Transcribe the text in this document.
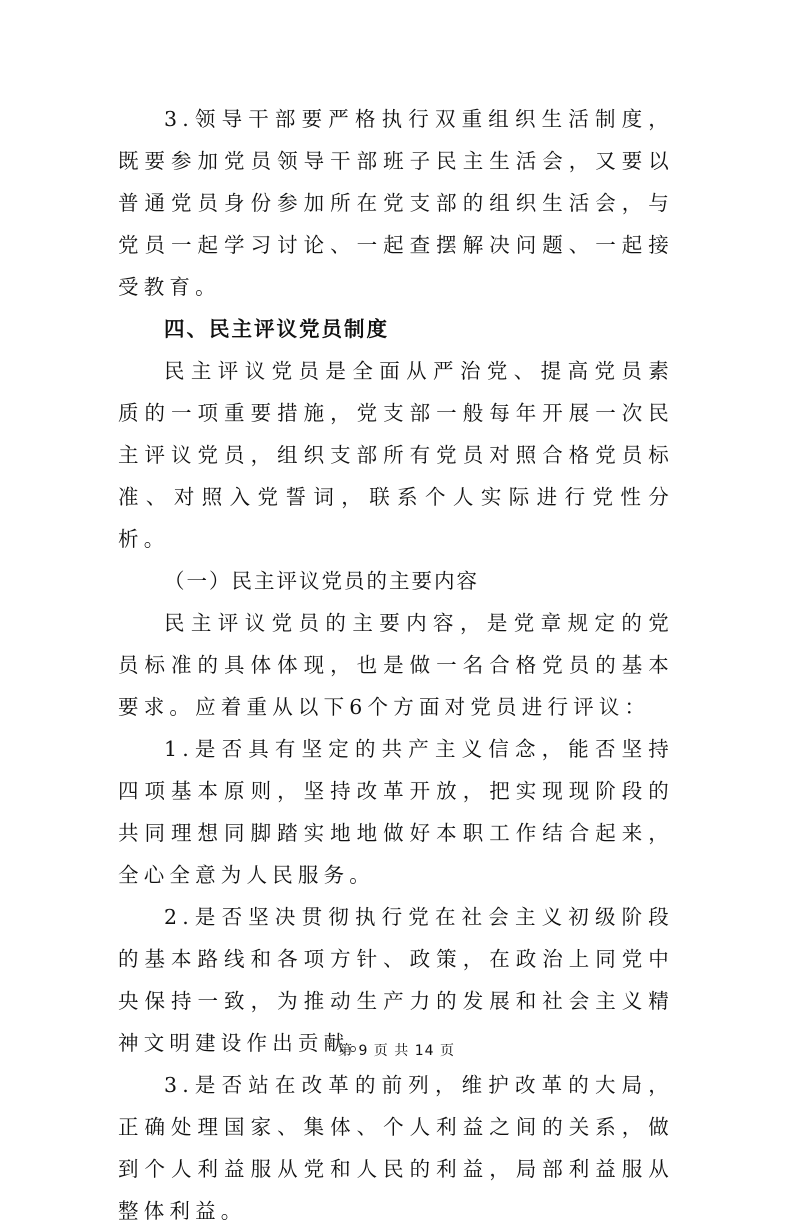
3.领导干部要严格执行双重组织生活制度，既要参加党员领导干部班子民主生活会，又要以普通党员身份参加所在党支部的组织生活会，与党员一起学习讨论、一起查摆解决问题、一起接受教育。

四、民主评议党员制度

民主评议党员是全面从严治党、提高党员素质的一项重要措施，党支部一般每年开展一次民主评议党员，组织支部所有党员对照合格党员标准、对照入党誓词，联系个人实际进行党性分析。

（一）民主评议党员的主要内容

民主评议党员的主要内容，是党章规定的党员标准的具体体现，也是做一名合格党员的基本要求。应着重从以下6个方面对党员进行评议：

1.是否具有坚定的共产主义信念，能否坚持四项基本原则，坚持改革开放，把实现现阶段的共同理想同脚踏实地地做好本职工作结合起来，全心全意为人民服务。

2.是否坚决贯彻执行党在社会主义初级阶段的基本路线和各项方针、政策，在政治上同党中央保持一致，为推动生产力的发展和社会主义精神文明建设作出贡献。

3.是否站在改革的前列，维护改革的大局，正确处理国家、集体、个人利益之间的关系，做到个人利益服从党和人民的利益，局部利益服从整体利益。

第 9 页 共 14 页
